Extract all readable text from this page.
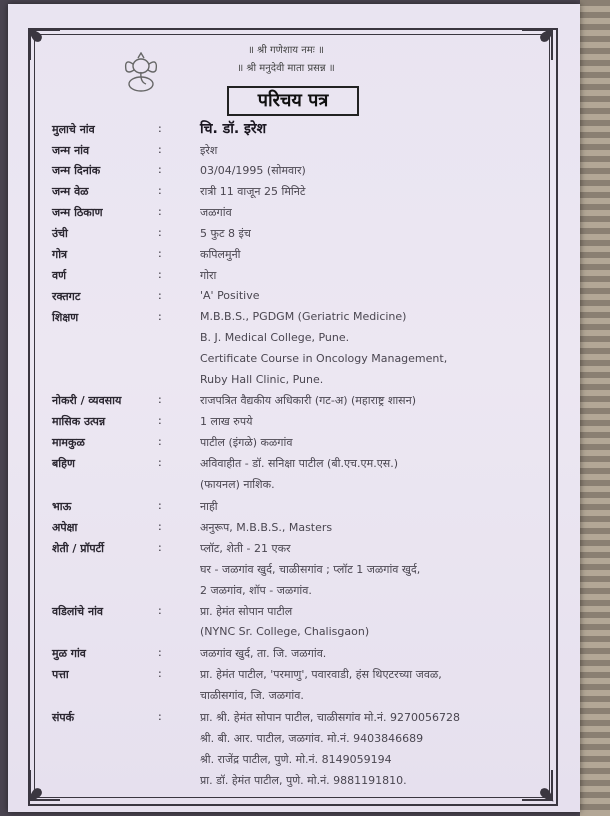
॥ श्री गणेशाय नमः ॥
॥ श्री मनुदेवी माता प्रसन्न ॥
परिचय पत्र
मुलाचे नांव	:	चि. डॉ. इरेश
जन्म नांव	:	इरेश
जन्म दिनांक	:	03/04/1995 (सोमवार)
जन्म वेळ	:	रात्री 11 वाजून 25 मिनिटे
जन्म ठिकाण	:	जळगांव
उंची	:	5 फुट 8 इंच
गोत्र	:	कपिलमुनी
वर्ण	:	गोरा
रक्तगट	:	'A' Positive
शिक्षण	:	M.B.B.S., PGDGM (Geriatric Medicine)
B. J. Medical College, Pune.
Certificate Course in Oncology Management,
Ruby Hall Clinic, Pune.
नोकरी / व्यवसाय	:	राजपत्रित वैद्यकीय अधिकारी (गट-अ) (महाराष्ट्र शासन)
मासिक उत्पन्न	:	1 लाख रुपये
मामकुळ	:	पाटील (इंगळे) कळगांव
बहिण	:	अविवाहीत - डॉ. सनिक्षा पाटील (बी.एच.एम.एस.)
(फायनल) नाशिक.
भाऊ	:	नाही
अपेक्षा	:	अनुरूप, M.B.B.S., Masters
शेती / प्रॉपर्टी	:	प्लॉट, शेती - 21 एकर
घर - जळगांव खुर्द, चाळीसगांव ; प्लॉट 1 जळगांव खुर्द,
2 जळगांव, शॉप - जळगांव.
वडिलांचे नांव	:	प्रा. हेमंत सोपान पाटील
(NYNC Sr. College, Chalisgaon)
मुळ गांव	:	जळगांव खुर्द, ता. जि. जळगांव.
पत्ता	:	प्रा. हेमंत पाटील, 'परमाणु', पवारवाडी, हंस थिएटरच्या जवळ,
चाळीसगांव, जि. जळगांव.
संपर्क	:	प्रा. श्री. हेमंत सोपान पाटील, चाळीसगांव मो.नं. 9270056728
श्री. बी. आर. पाटील, जळगांव. मो.नं. 9403846689
श्री. राजेंद्र पाटील, पुणे. मो.नं. 8149059194
प्रा. डॉ. हेमंत पाटील, पुणे. मो.नं. 9881191810.
